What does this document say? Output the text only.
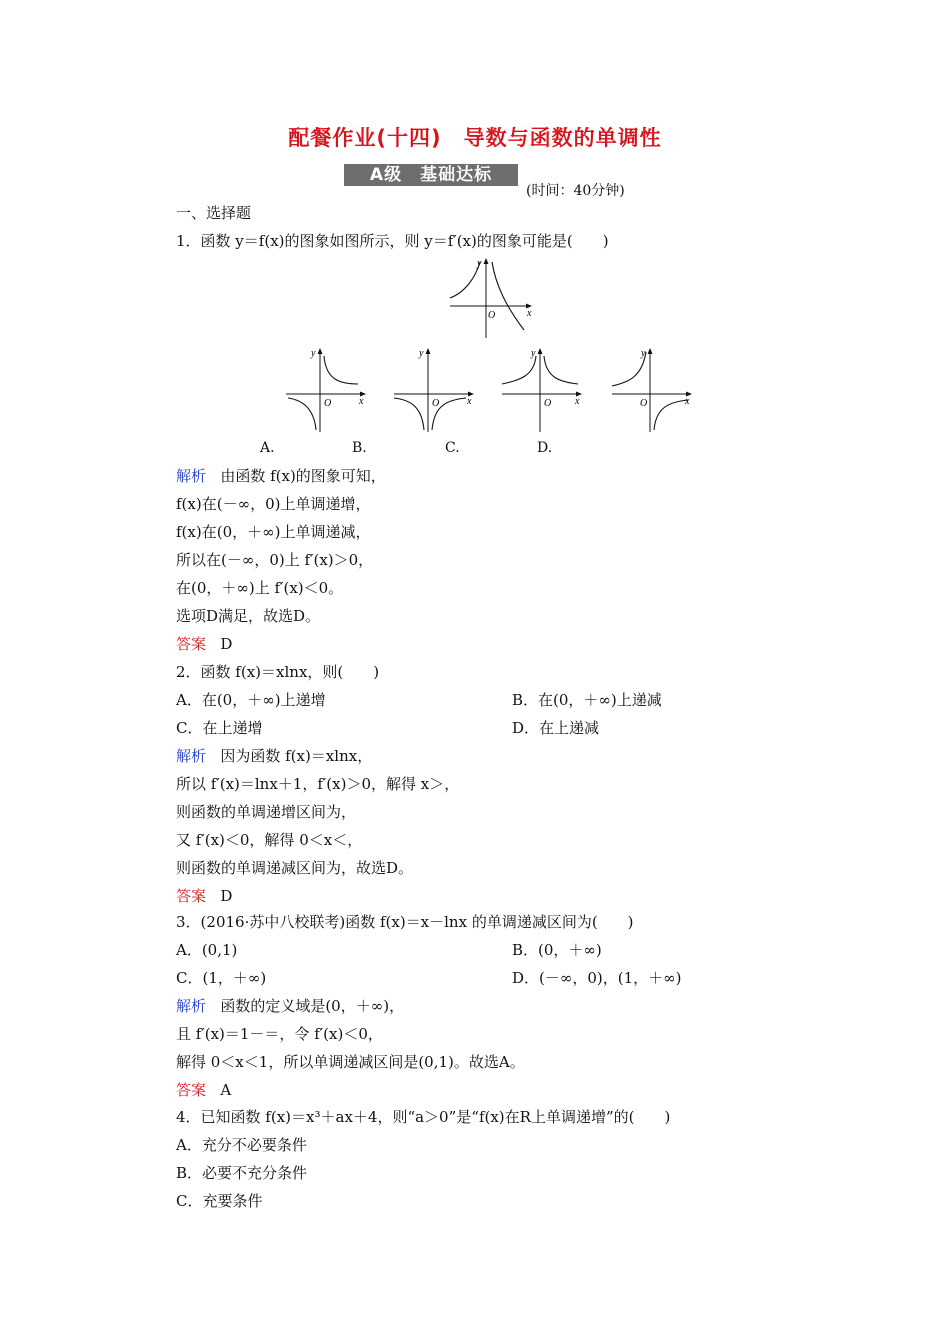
配餐作业(十四)　导数与函数的单调性
A级　基础达标
(时间：40分钟)
一、选择题
1．函数 y＝f(x)的图象如图所示，则 y＝f′(x)的图象可能是(　　)
y
x
O
y
x
O
y
x
O
y
x
O
y
x
O
A.	B.	C.	D.
解析 由函数 f(x)的图象可知，
f(x)在(－∞，0)上单调递增，
f(x)在(0，＋∞)上单调递减，
所以在(－∞，0)上 f′(x)＞0，
在(0，＋∞)上 f′(x)＜0。
选项D满足，故选D。
答案 D
2．函数 f(x)＝xlnx，则(　　)
A．在(0，＋∞)上递增	B．在(0，＋∞)上递减
C．在上递增	D．在上递减
解析 因为函数 f(x)＝xlnx，
所以 f′(x)＝lnx＋1，f′(x)＞0，解得 x＞，
则函数的单调递增区间为，
又 f′(x)＜0，解得 0＜x＜，
则函数的单调递减区间为，故选D。
答案 D
3．(2016·苏中八校联考)函数 f(x)＝x－lnx 的单调递减区间为(　　)
A．(0,1)	B．(0，＋∞)
C．(1，＋∞)	D．(－∞，0)，(1，＋∞)
解析 函数的定义域是(0，＋∞)，
且 f′(x)＝1－＝，令 f′(x)＜0，
解得 0＜x＜1，所以单调递减区间是(0,1)。故选A。
答案 A
4．已知函数 f(x)＝x³＋ax＋4，则“a＞0”是“f(x)在R上单调递增”的(　　)
A．充分不必要条件
B．必要不充分条件
C．充要条件
